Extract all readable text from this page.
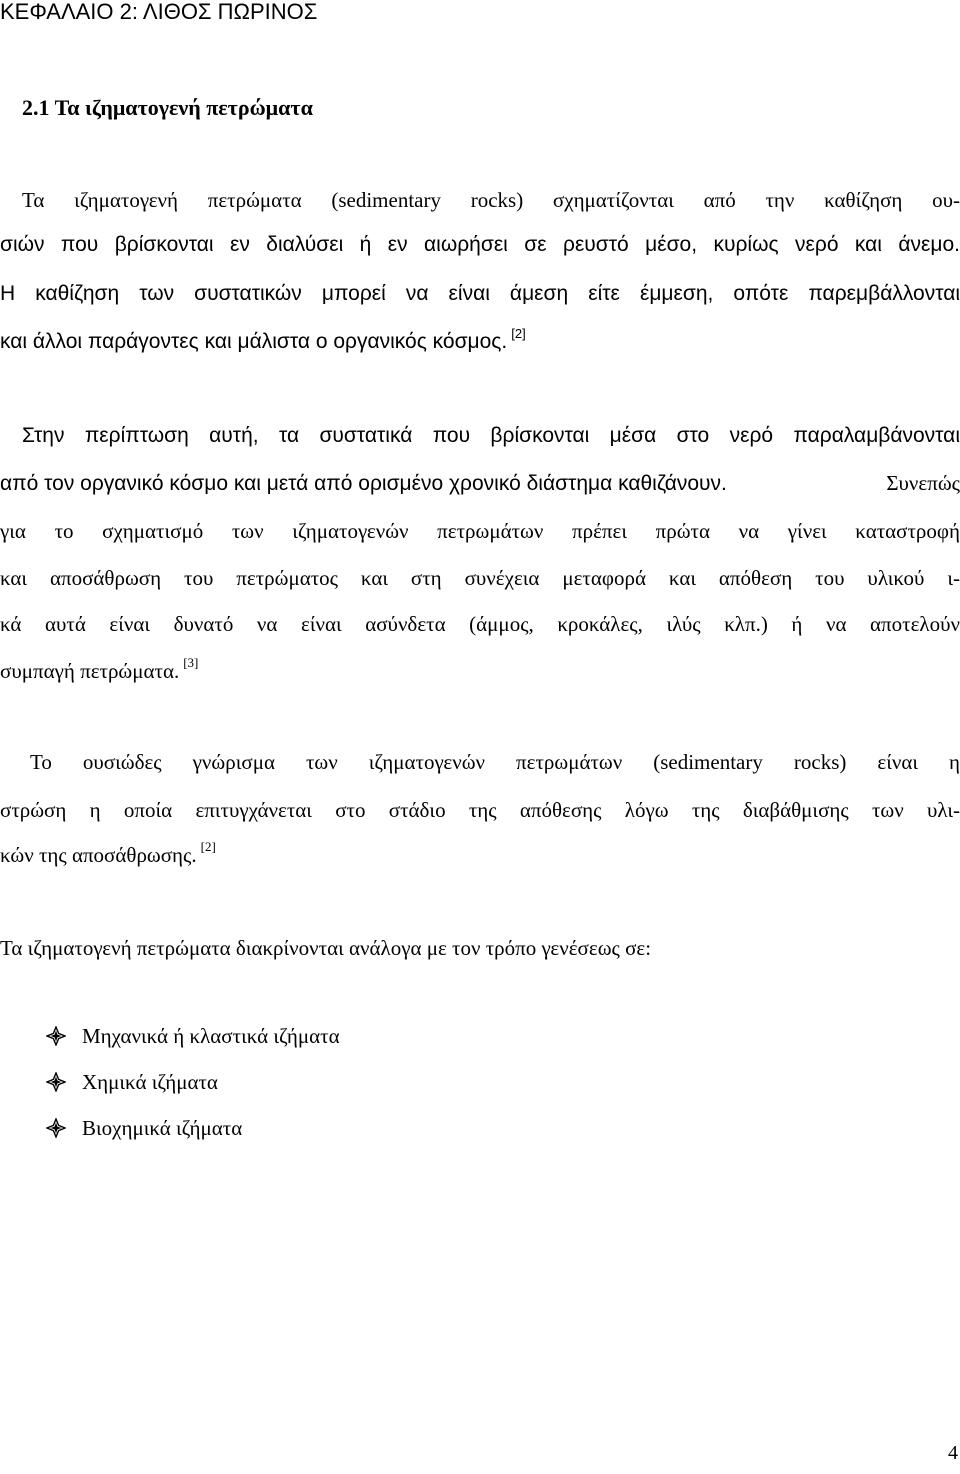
ΚΕΦΑΛΑΙΟ 2: ΛΙΘΟΣ ΠΩΡΙΝΟΣ
2.1 Τα ιζηματογενή πετρώματα
Τα ιζηματογενή πετρώματα (sedimentary rocks) σχηματίζονται από την καθίζηση ου-
σιών που βρίσκονται εν διαλύσει ή εν αιωρήσει σε ρευστό μέσο, κυρίως νερό και άνεμο.
Η καθίζηση των συστατικών μπορεί να είναι άμεση είτε έμμεση, οπότε παρεμβάλλονται
και άλλοι παράγοντες και μάλιστα ο οργανικός κόσμος. [2]
Στην περίπτωση αυτή, τα συστατικά που βρίσκονται μέσα στο νερό παραλαμβάνονται
από τον οργανικό κόσμο και μετά από ορισμένο χρονικό διάστημα καθιζάνουν.	Συνεπώς
για το σχηματισμό των ιζηματογενών πετρωμάτων πρέπει πρώτα να γίνει καταστροφή
και αποσάθρωση του πετρώματος και στη συνέχεια μεταφορά και απόθεση του υλικού ι-
κά αυτά είναι δυνατό να είναι ασύνδετα (άμμος, κροκάλες, ιλύς κλπ.) ή να αποτελούν
συμπαγή πετρώματα. [3]
Το ουσιώδες γνώρισμα των ιζηματογενών πετρωμάτων (sedimentary rocks) είναι η
στρώση η οποία επιτυγχάνεται στο στάδιο της απόθεσης λόγω της διαβάθμισης των υλι-
κών της αποσάθρωσης. [2]
Τα ιζηματογενή πετρώματα διακρίνονται ανάλογα με τον τρόπο γενέσεως σε:
Μηχανικά ή κλαστικά ιζήματα
Χημικά ιζήματα
Βιοχημικά ιζήματα
4
